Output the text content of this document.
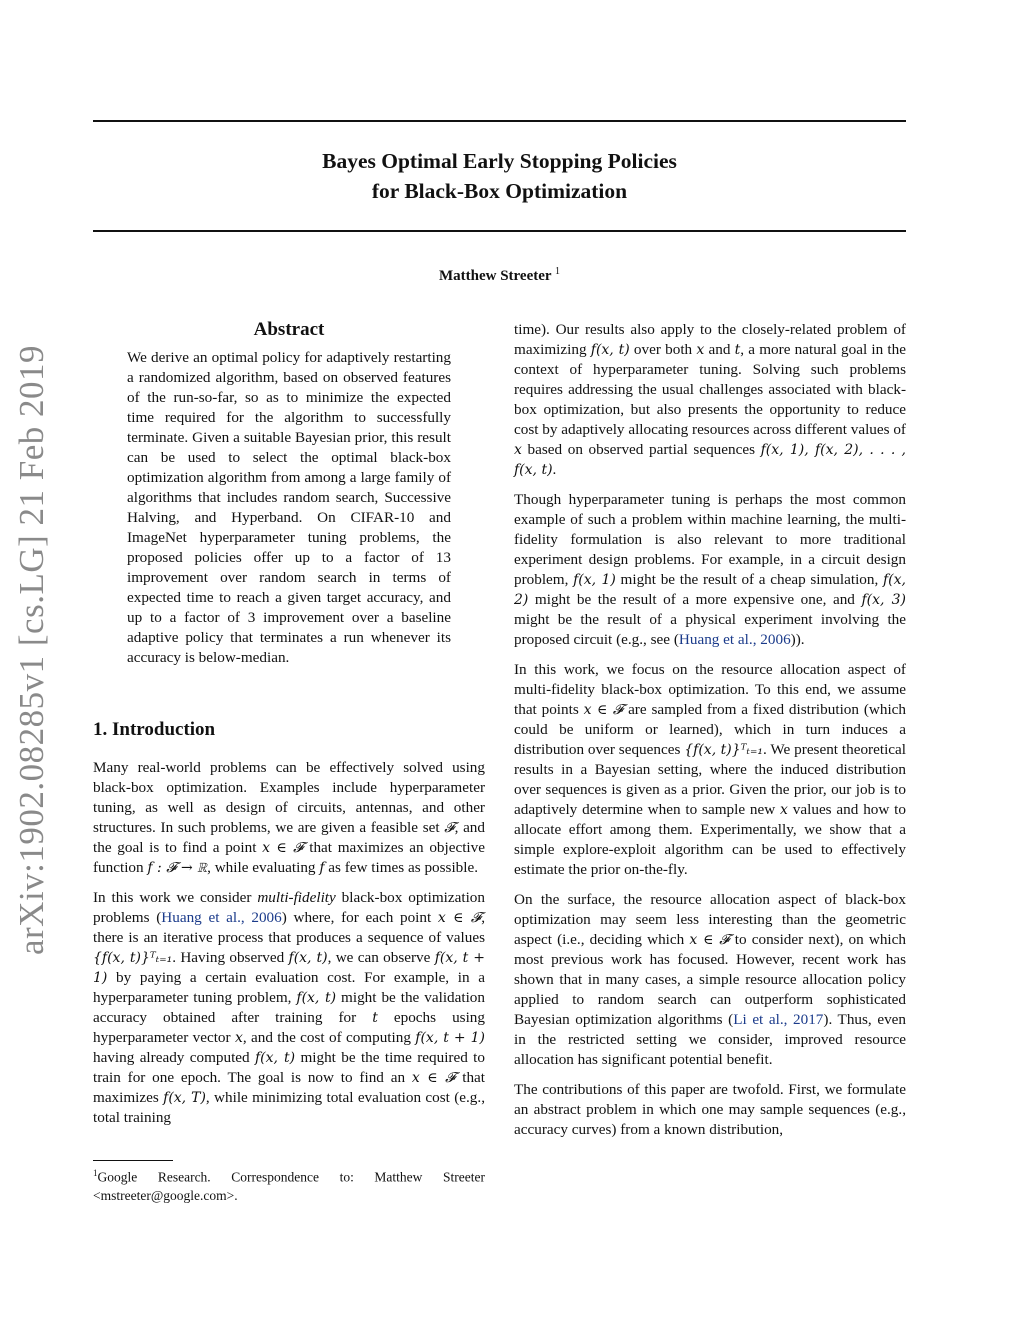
arXiv:1902.08285v1 [cs.LG] 21 Feb 2019
Bayes Optimal Early Stopping Policies
for Black-Box Optimization
Matthew Streeter $^1$
Abstract

We derive an optimal policy for adaptively restarting a randomized algorithm, based on observed features of the run-so-far, so as to minimize the expected time required for the algorithm to successfully terminate. Given a suitable Bayesian prior, this result can be used to select the optimal black-box optimization algorithm from among a large family of algorithms that includes random search, Successive Halving, and Hyperband. On CIFAR-10 and ImageNet hyperparameter tuning problems, the proposed policies offer up to a factor of 13 improvement over random search in terms of expected time to reach a given target accuracy, and up to a factor of 3 improvement over a baseline adaptive policy that terminates a run whenever its accuracy is below-median.

1. Introduction

Many real-world problems can be effectively solved using black-box optimization. Examples include hyperparameter tuning, as well as design of circuits, antennas, and other structures. In such problems, we are given a feasible set 𝓕, and the goal is to find a point x ∈ 𝓕 that maximizes an objective function f : 𝓕 → ℝ, while evaluating f as few times as possible.

In this work we consider multi-fidelity black-box optimization problems (Huang et al., 2006) where, for each point x ∈ 𝓕, there is an iterative process that produces a sequence of values {f(x, t)}ᵀₜ₌₁. Having observed f(x, t), we can observe f(x, t + 1) by paying a certain evaluation cost. For example, in a hyperparameter tuning problem, f(x, t) might be the validation accuracy obtained after training for t epochs using hyperparameter vector x, and the cost of computing f(x, t + 1) having already computed f(x, t) might be the time required to train for one epoch. The goal is now to find an x ∈ 𝓕 that maximizes f(x, T), while minimizing total evaluation cost (e.g., total training

$^1$Google Research. Correspondence to: Matthew Streeter <mstreeter@google.com>.

time). Our results also apply to the closely-related problem of maximizing f(x, t) over both x and t, a more natural goal in the context of hyperparameter tuning. Solving such problems requires addressing the usual challenges associated with black-box optimization, but also presents the opportunity to reduce cost by adaptively allocating resources across different values of x based on observed partial sequences f(x, 1), f(x, 2), . . . , f(x, t).

Though hyperparameter tuning is perhaps the most common example of such a problem within machine learning, the multi-fidelity formulation is also relevant to more traditional experiment design problems. For example, in a circuit design problem, f(x, 1) might be the result of a cheap simulation, f(x, 2) might be the result of a more expensive one, and f(x, 3) might be the result of a physical experiment involving the proposed circuit (e.g., see (Huang et al., 2006)).

In this work, we focus on the resource allocation aspect of multi-fidelity black-box optimization. To this end, we assume that points x ∈ 𝓕 are sampled from a fixed distribution (which could be uniform or learned), which in turn induces a distribution over sequences {f(x, t)}ᵀₜ₌₁. We present theoretical results in a Bayesian setting, where the induced distribution over sequences is given as a prior. Given the prior, our job is to adaptively determine when to sample new x values and how to allocate effort among them. Experimentally, we show that a simple explore-exploit algorithm can be used to effectively estimate the prior on-the-fly.

On the surface, the resource allocation aspect of black-box optimization may seem less interesting than the geometric aspect (i.e., deciding which x ∈ 𝓕 to consider next), on which most previous work has focused. However, recent work has shown that in many cases, a simple resource allocation policy applied to random search can outperform sophisticated Bayesian optimization algorithms (Li et al., 2017). Thus, even in the restricted setting we consider, improved resource allocation has significant potential benefit.

The contributions of this paper are twofold. First, we formulate an abstract problem in which one may sample sequences (e.g., accuracy curves) from a known distribution,
